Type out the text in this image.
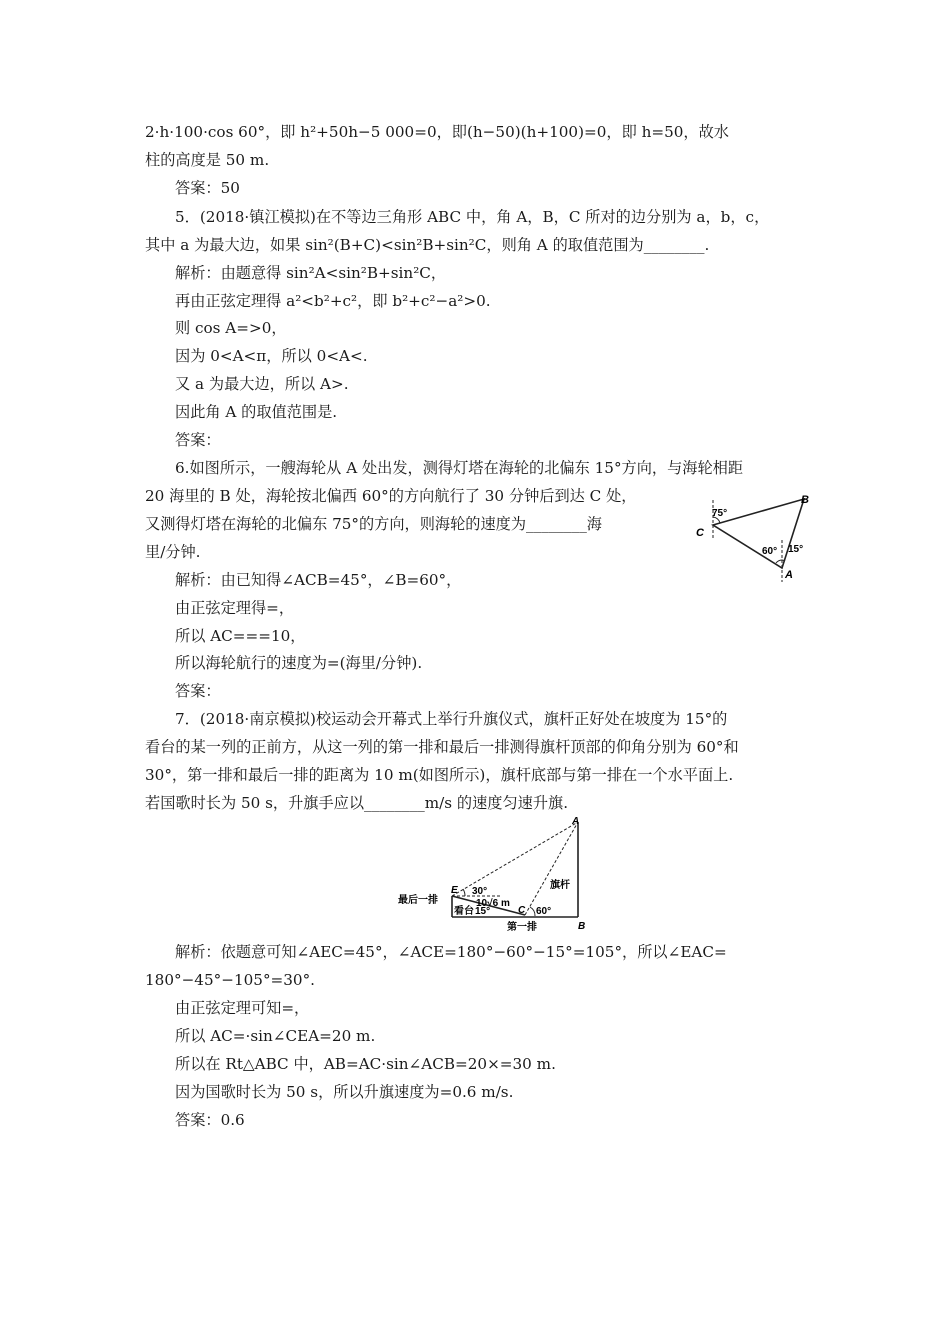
2·h·100·cos 60°，即 h²+50h−5 000=0，即(h−50)(h+100)=0，即 h=50，故水
柱的高度是 50 m.
答案：50
5．(2018·镇江模拟)在不等边三角形 ABC 中，角 A，B，C 所对的边分别为 a，b，c，
其中 a 为最大边，如果 sin²(B+C)<sin²B+sin²C，则角 A 的取值范围为________.
解析：由题意得 sin²A<sin²B+sin²C，
再由正弦定理得 a²<b²+c²，即 b²+c²−a²>0.
则 cos A=>0，
因为 0<A<π，所以 0<A<.
又 a 为最大边，所以 A>.
因此角 A 的取值范围是.
答案：
6.如图所示，一艘海轮从 A 处出发，测得灯塔在海轮的北偏东 15°方向，与海轮相距
20 海里的 B 处，海轮按北偏西 60°的方向航行了 30 分钟后到达 C 处，
又测得灯塔在海轮的北偏东 75°的方向，则海轮的速度为________海
里/分钟.
解析：由已知得∠ACB=45°，∠B=60°，
由正弦定理得=，
所以 AC===10，
所以海轮航行的速度为=(海里/分钟).
答案：
7．(2018·南京模拟)校运动会开幕式上举行升旗仪式，旗杆正好处在坡度为 15°的
看台的某一列的正前方，从这一列的第一排和最后一排测得旗杆顶部的仰角分别为 60°和
30°，第一排和最后一排的距离为 10 m(如图所示)，旗杆底部与第一排在一个水平面上.
若国歌时长为 50 s，升旗手应以________m/s 的速度匀速升旗.
解析：依题意可知∠AEC=45°，∠ACE=180°−60°−15°=105°，所以∠EAC=
180°−45°−105°=30°.
由正弦定理可知=，
所以 AC=·sin∠CEA=20 m.
所以在 Rt△ABC 中，AB=AC·sin∠ACB=20×=30 m.
因为国歌时长为 50 s，所以升旗速度为=0.6 m/s.
答案：0.6
B
C
A
75°
60° 15°
A
B
C
E 30°
10√6 m
旗杆
最后一排
看台 15°	60°
第一排
